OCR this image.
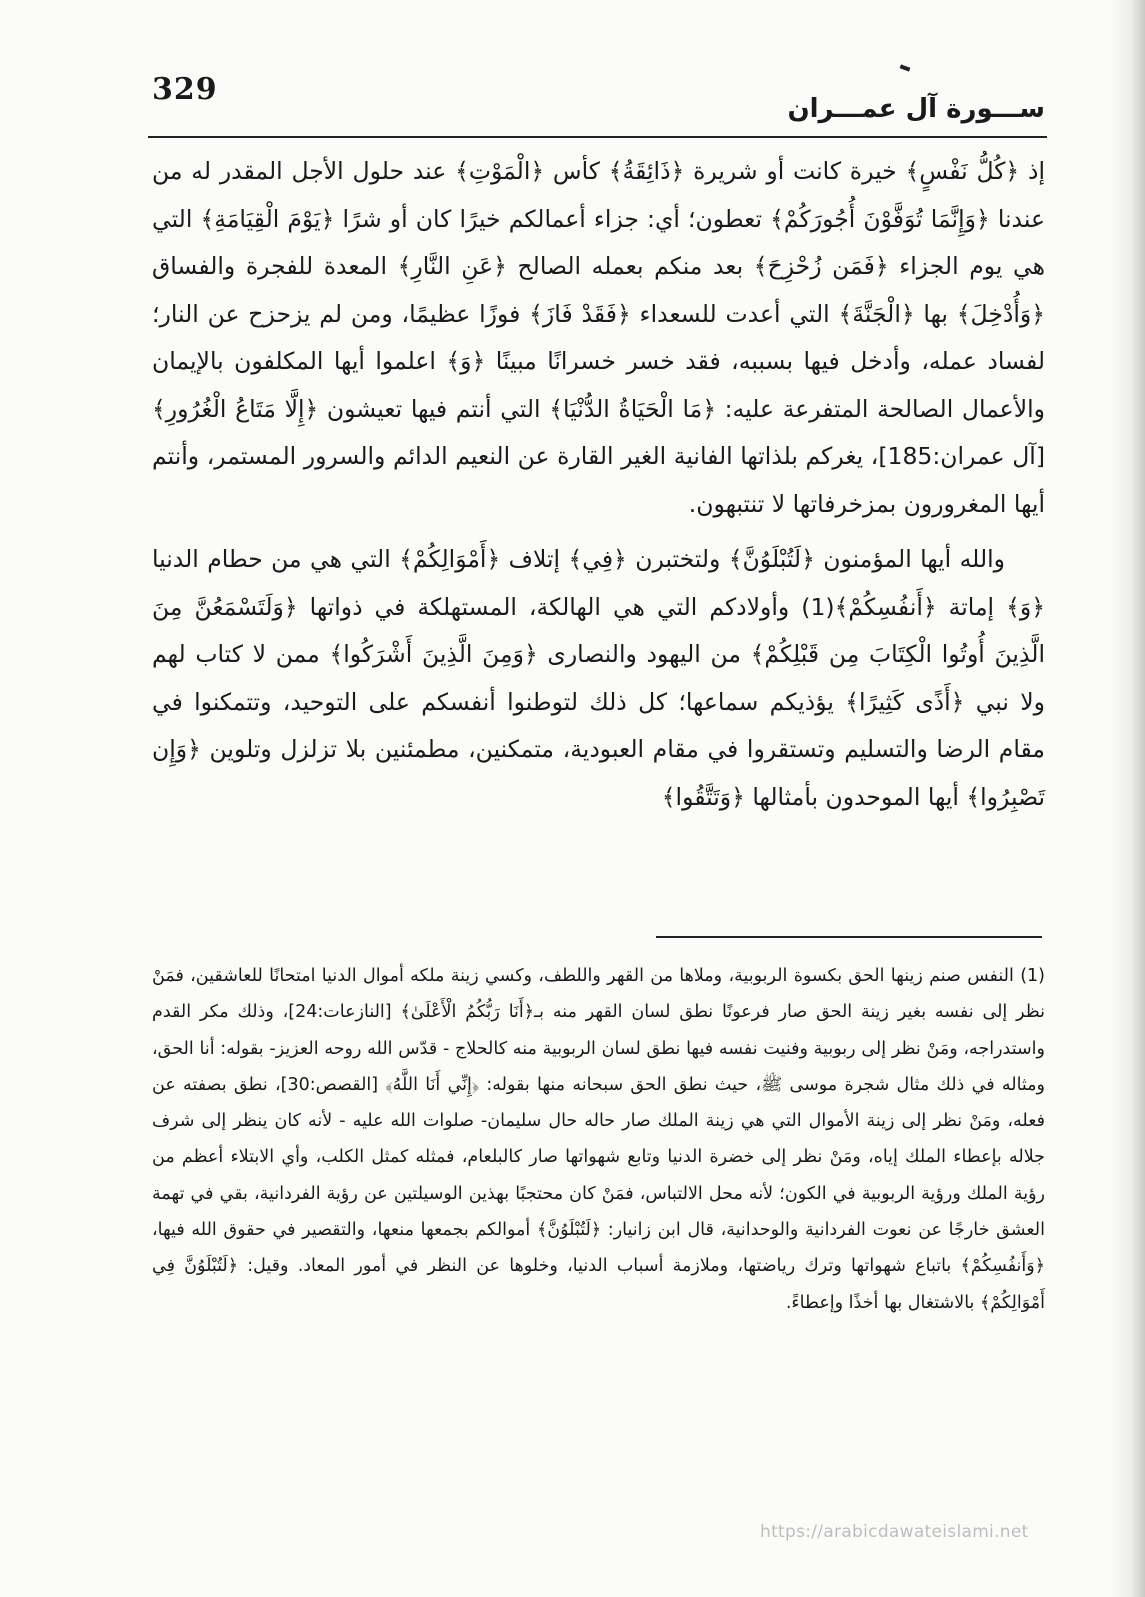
329
ســـورة آل عمـــران

إذ ﴿كُلُّ نَفْسٍ﴾ خيرة كانت أو شريرة ﴿ذَائِقَةُ﴾ كأس ﴿الْمَوْتِ﴾ عند حلول الأجل المقدر له من عندنا ﴿وَإِنَّمَا تُوَفَّوْنَ أُجُورَكُمْ﴾ تعطون؛ أي: جزاء أعمالكم خيرًا كان أو شرًا ﴿يَوْمَ الْقِيَامَةِ﴾ التي هي يوم الجزاء ﴿فَمَن زُحْزِحَ﴾ بعد منكم بعمله الصالح ﴿عَنِ النَّارِ﴾ المعدة للفجرة والفساق ﴿وَأُدْخِلَ﴾ بها ﴿الْجَنَّةَ﴾ التي أعدت للسعداء ﴿فَقَدْ فَازَ﴾ فوزًا عظيمًا، ومن لم يزحزح عن النار؛ لفساد عمله، وأدخل فيها بسببه، فقد خسر خسرانًا مبينًا ﴿وَ﴾ اعلموا أيها المكلفون بالإيمان والأعمال الصالحة المتفرعة عليه: ﴿مَا الْحَيَاةُ الدُّنْيَا﴾ التي أنتم فيها تعيشون ﴿إِلَّا مَتَاعُ الْغُرُورِ﴾ [آل عمران:185]، يغركم بلذاتها الفانية الغير القارة عن النعيم الدائم والسرور المستمر، وأنتم أيها المغرورون بمزخرفاتها لا تنتبهون.

والله أيها المؤمنون ﴿لَتُبْلَوُنَّ﴾ ولتختبرن ﴿فِي﴾ إتلاف ﴿أَمْوَالِكُمْ﴾ التي هي من حطام الدنيا ﴿وَ﴾ إماتة ﴿أَنفُسِكُمْ﴾(1) وأولادكم التي هي الهالكة، المستهلكة في ذواتها ﴿وَلَتَسْمَعُنَّ مِنَ الَّذِينَ أُوتُوا الْكِتَابَ مِن قَبْلِكُمْ﴾ من اليهود والنصارى ﴿وَمِنَ الَّذِينَ أَشْرَكُوا﴾ ممن لا كتاب لهم ولا نبي ﴿أَذًى كَثِيرًا﴾ يؤذيكم سماعها؛ كل ذلك لتوطنوا أنفسكم على التوحيد، وتتمكنوا في مقام الرضا والتسليم وتستقروا في مقام العبودية، متمكنين، مطمئنين بلا تزلزل وتلوين ﴿وَإِن تَصْبِرُوا﴾ أيها الموحدون بأمثالها ﴿وَتَتَّقُوا﴾

(1) النفس صنم زينها الحق بكسوة الربوبية، وملاها من القهر واللطف، وكسي زينة ملكه أموال الدنيا امتحانًا للعاشقين، فمَنْ نظر إلى نفسه بغير زينة الحق صار فرعونًا نطق لسان القهر منه بـ﴿أَنَا رَبُّكُمُ الْأَعْلَىٰ﴾ [النازعات:24]، وذلك مكر القدم واستدراجه، ومَنْ نظر إلى ربوبية وفنيت نفسه فيها نطق لسان الربوبية منه كالحلاج - قدّس الله روحه العزيز- بقوله: أنا الحق، ومثاله في ذلك مثال شجرة موسى ﷺ، حيث نطق الحق سبحانه منها بقوله: ﴿إِنِّي أَنَا اللَّهُ﴾ [القصص:30]، نطق بصفته عن فعله، ومَنْ نظر إلى زينة الأموال التي هي زينة الملك صار حاله حال سليمان- صلوات الله عليه - لأنه كان ينظر إلى شرف جلاله بإعطاء الملك إياه، ومَنْ نظر إلى خضرة الدنيا وتابع شهواتها صار كالبلعام، فمثله كمثل الكلب، وأي الابتلاء أعظم من رؤية الملك ورؤية الربوبية في الكون؛ لأنه محل الالتباس، فمَنْ كان محتجبًا بهذين الوسيلتين عن رؤية الفردانية، بقي في تهمة العشق خارجًا عن نعوت الفردانية والوحدانية، قال ابن زانيار: ﴿لَتُبْلَوُنَّ﴾ أموالكم بجمعها منعها، والتقصير في حقوق الله فيها، ﴿وَأَنفُسِكُمْ﴾ باتباع شهواتها وترك رياضتها، وملازمة أسباب الدنيا، وخلوها عن النظر في أمور المعاد. وقيل: ﴿لَتُبْلَوُنَّ فِي أَمْوَالِكُمْ﴾ بالاشتغال بها أخذًا وإعطاءً.

https://arabicdawateislami.net
